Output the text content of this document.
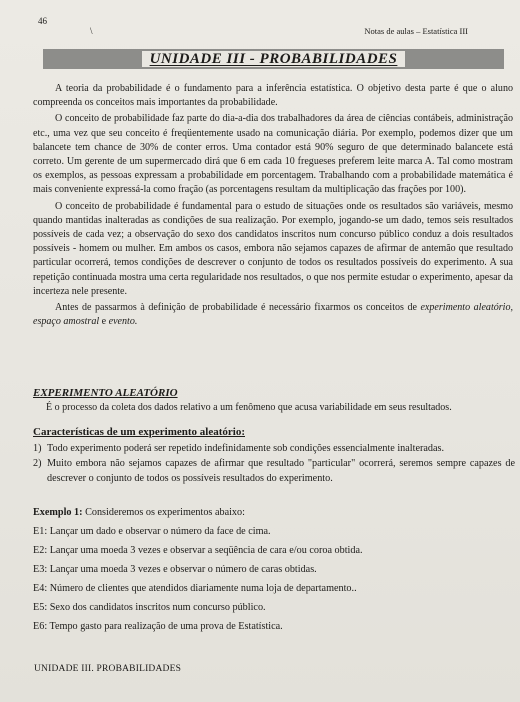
46
\	Notas de aulas – Estatística III
UNIDADE III - PROBABILIDADES

A teoria da probabilidade é o fundamento para a inferência estatística. O objetivo desta parte é que o aluno compreenda os conceitos mais importantes da probabilidade.

O conceito de probabilidade faz parte do dia-a-dia dos trabalhadores da área de ciências contábeis, administração etc., uma vez que seu conceito é freqüentemente usado na comunicação diária. Por exemplo, podemos dizer que um balancete tem chance de 30% de conter erros. Uma contador está 90% seguro de que determinado balancete está correto. Um gerente de um supermercado dirá que 6 em cada 10 fregueses preferem leite marca A. Tal como mostram os exemplos, as pessoas expressam a probabilidade em porcentagem. Trabalhando com a probabilidade matemática é mais conveniente expressá-la como fração (as porcentagens resultam da multiplicação das frações por 100).

O conceito de probabilidade é fundamental para o estudo de situações onde os resultados são variáveis, mesmo quando mantidas inalteradas as condições de sua realização. Por exemplo, jogando-se um dado, temos seis resultados possíveis de cada vez; a observação do sexo dos candidatos inscritos num concurso público conduz a dois resultados possíveis - homem ou mulher. Em ambos os casos, embora não sejamos capazes de afirmar de antemão que resultado particular ocorrerá, temos condições de descrever o conjunto de todos os resultados possíveis do experimento. A sua repetição continuada mostra uma certa regularidade nos resultados, o que nos permite estudar o experimento, apesar da incerteza nele presente.

Antes de passarmos à definição de probabilidade é necessário fixarmos os conceitos de experimento aleatório, espaço amostral e evento.

EXPERIMENTO ALEATÓRIO
É o processo da coleta dos dados relativo a um fenômeno que acusa variabilidade em seus resultados.
Características de um experimento aleatório:
1) Todo experimento poderá ser repetido indefinidamente sob condições essencialmente inalteradas.
2) Muito embora não sejamos capazes de afirmar que resultado "particular" ocorrerá, seremos sempre capazes de descrever o conjunto de todos os possíveis resultados do experimento.
Exemplo 1: Consideremos os experimentos abaixo:
E1: Lançar um dado e observar o número da face de cima.
E2: Lançar uma moeda 3 vezes e observar a seqüência de cara e/ou coroa obtida.
E3: Lançar uma moeda 3 vezes e observar o número de caras obtidas.
E4: Número de clientes que atendidos diariamente numa loja de departamento..
E5: Sexo dos candidatos inscritos num concurso público.
E6: Tempo gasto para realização de uma prova de Estatística.
UNIDADE III. PROBABILIDADES
